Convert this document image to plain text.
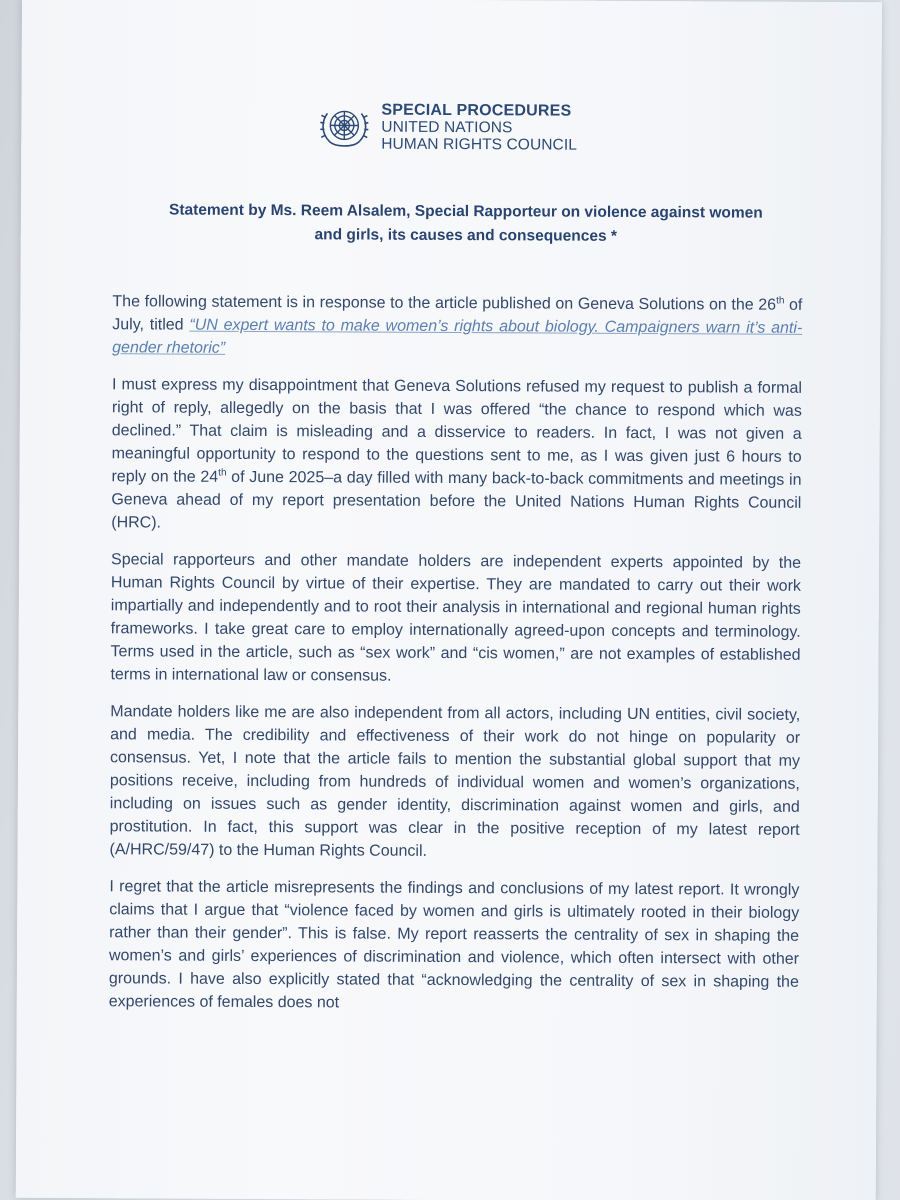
SPECIAL PROCEDURES
UNITED NATIONS
HUMAN RIGHTS COUNCIL
Statement by Ms. Reem Alsalem, Special Rapporteur on violence against women
and girls, its causes and consequences *

The following statement is in response to the article published on Geneva Solutions on the 26th of July, titled “UN expert wants to make women’s rights about biology. Campaigners warn it’s anti-gender rhetoric”

I must express my disappointment that Geneva Solutions refused my request to publish a formal right of reply, allegedly on the basis that I was offered “the chance to respond which was declined.” That claim is misleading and a disservice to readers. In fact, I was not given a meaningful opportunity to respond to the questions sent to me, as I was given just 6 hours to reply on the 24th of June 2025–a day filled with many back-to-back commitments and meetings in Geneva ahead of my report presentation before the United Nations Human Rights Council (HRC).

Special rapporteurs and other mandate holders are independent experts appointed by the Human Rights Council by virtue of their expertise. They are mandated to carry out their work impartially and independently and to root their analysis in international and regional human rights frameworks. I take great care to employ internationally agreed-upon concepts and terminology. Terms used in the article, such as “sex work” and “cis women,” are not examples of established terms in international law or consensus.

Mandate holders like me are also independent from all actors, including UN entities, civil society, and media. The credibility and effectiveness of their work do not hinge on popularity or consensus. Yet, I note that the article fails to mention the substantial global support that my positions receive, including from hundreds of individual women and women’s organizations, including on issues such as gender identity, discrimination against women and girls, and prostitution. In fact, this support was clear in the positive reception of my latest report (A/HRC/59/47) to the Human Rights Council.

I regret that the article misrepresents the findings and conclusions of my latest report. It wrongly claims that I argue that “violence faced by women and girls is ultimately rooted in their biology rather than their gender”. This is false. My report reasserts the centrality of sex in shaping the women’s and girls’ experiences of discrimination and violence, which often intersect with other grounds. I have also explicitly stated that “acknowledging the centrality of sex in shaping the experiences of females does not
